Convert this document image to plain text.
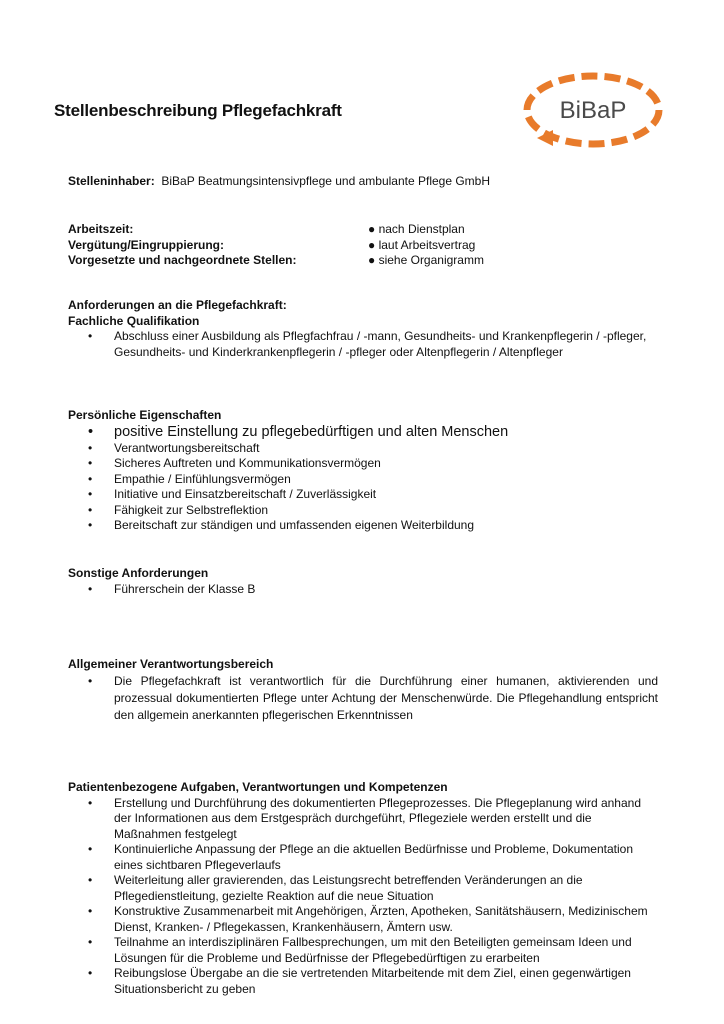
Stellenbeschreibung Pflegefachkraft	BiBaP
Stelleninhaber: BiBaP Beatmungsintensivpflege und ambulante Pflege GmbH
Arbeitszeit:	● nach Dienstplan
Vergütung/Eingruppierung:	● laut Arbeitsvertrag
Vorgesetzte und nachgeordnete Stellen:	● siehe Organigramm
Anforderungen an die Pflegefachkraft:
Fachliche Qualifikation
• Abschluss einer Ausbildung als Pflegfachfrau / -mann, Gesundheits- und Krankenpflegerin / -pfleger, Gesundheits- und Kinderkrankenpflegerin / -pfleger oder Altenpflegerin / Altenpfleger
Persönliche Eigenschaften
• positive Einstellung zu pflegebedürftigen und alten Menschen
• Verantwortungsbereitschaft
• Sicheres Auftreten und Kommunikationsvermögen
• Empathie / Einfühlungsvermögen
• Initiative und Einsatzbereitschaft / Zuverlässigkeit
• Fähigkeit zur Selbstreflektion
• Bereitschaft zur ständigen und umfassenden eigenen Weiterbildung
Sonstige Anforderungen
• Führerschein der Klasse B
Allgemeiner Verantwortungsbereich
• Die Pflegefachkraft ist verantwortlich für die Durchführung einer humanen, aktivierenden und prozessual dokumentierten Pflege unter Achtung der Menschenwürde. Die Pflegehandlung entspricht den allgemein anerkannten pflegerischen Erkenntnissen
Patientenbezogene Aufgaben, Verantwortungen und Kompetenzen
• Erstellung und Durchführung des dokumentierten Pflegeprozesses. Die Pflegeplanung wird anhand der Informationen aus dem Erstgespräch durchgeführt, Pflegeziele werden erstellt und die Maßnahmen festgelegt
• Kontinuierliche Anpassung der Pflege an die aktuellen Bedürfnisse und Probleme, Dokumentation eines sichtbaren Pflegeverlaufs
• Weiterleitung aller gravierenden, das Leistungsrecht betreffenden Veränderungen an die Pflegedienstleitung, gezielte Reaktion auf die neue Situation
• Konstruktive Zusammenarbeit mit Angehörigen, Ärzten, Apotheken, Sanitätshäusern, Medizinischem Dienst, Kranken- / Pflegekassen, Krankenhäusern, Ämtern usw.
• Teilnahme an interdisziplinären Fallbesprechungen, um mit den Beteiligten gemeinsam Ideen und Lösungen für die Probleme und Bedürfnisse der Pflegebedürftigen zu erarbeiten
• Reibungslose Übergabe an die sie vertretenden Mitarbeitende mit dem Ziel, einen gegenwärtigen Situationsbericht zu geben
